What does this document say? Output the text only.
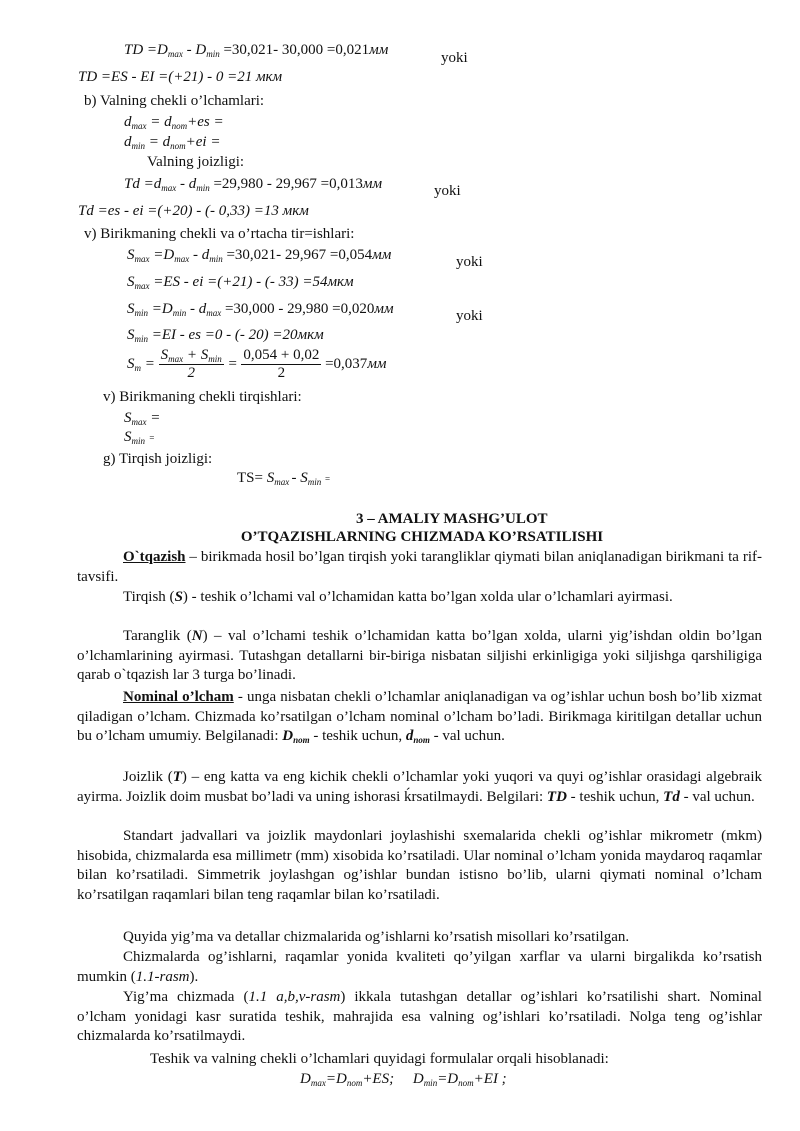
TD $=D_{max} - D_{min} =30,021-$ 30,000 =0,021мм	yoki
TD =ES - EI =(+21) - 0 =21 мкм
b) Valning chekli o’lchamlari:
$d_{max} = d_{nom}+es$ =
$d_{min} = d_{nom}+ei$ =
Valning joizligi:
$Td =d_{max} - d_{min} =29,980 - 29,967 =0,013мм$	yoki
Td =es - ei =(+20) - (- 0,33) =13 мкм
v) Birikmaning chekli va o’rtacha tir=ishlari:
$S_{max} =D_{max} - d_{min} =30,021-$ 29,967 =0,054мм	yoki
$S_{max} =ES$ - ei =(+21) - (- 33) =54мкм
$S_{min} =D_{min} - d_{max} =30,000 - 29,980 =0,020мм$	yoki
$S_{min} =EI$ - es =0 - (- 20) =20мкм
$S_m = \frac{S_{max} + S_{min}}{2} = \frac{0,054 + 0,02}{2} =0,037мм$
v) Birikmaning chekli tirqishlari:
$S_{max}$ =
$S_{min}$ =
g) Tirqish joizligi:
$TS= S_{max} - S_{min}$ =
3 – AMALIY MASHG’ULOT
O’TQAZISHLARNING CHIZMADA KO’RSATILISHI
O`tqazish – birikmada hosil bo’lgan tirqish yoki tarangliklar qiymati bilan aniqlanadigan birikmani ta rif-tavsifi.
Tirqish (S) - teshik o’lchami val o’lchamidan katta bo’lgan xolda ular o’lchamlari ayirmasi.
Taranglik (N) – val o’lchami teshik o’lchamidan katta bo’lgan xolda, ularni yig’ishdan oldin bo’lgan o’lchamlarining ayirmasi. Tutashgan detallarni bir-biriga nisbatan siljishi erkinligiga yoki siljishga qarshiligiga qarab o`tqazish lar 3 turga bo’linadi.
Nominal o’lcham - unga nisbatan chekli o’lchamlar aniqlanadigan va og’ishlar uchun bosh bo’lib xizmat qiladigan o’lcham. Chizmada ko’rsatilgan o’lcham nominal o’lcham bo’ladi. Birikmaga kiritilgan detallar uchun bu o’lcham umumiy. Belgilanadi: $D_{nom}$ - teshik uchun, $d_{nom}$ - val uchun.
Joizlik (T) – eng katta va eng kichik chekli o’lchamlar yoki yuqori va quyi og’ishlar orasidagi algebraik ayirma. Joizlik doim musbat bo’ladi va uning ishorasi ḱrsatilmaydi. Belgilari: TD - teshik uchun, Td - val uchun.
Standart jadvallari va joizlik maydonlari joylashishi sxemalarida chekli og’ishlar mikrometr (mkm) hisobida, chizmalarda esa millimetr (mm) xisobida ko’rsatiladi. Ular nominal o’lcham yonida maydaroq raqamlar bilan ko’rsatiladi. Simmetrik joylashgan og’ishlar bundan istisno bo’lib, ularni qiymati nominal o’lcham ko’rsatilgan raqamlari bilan teng raqamlar bilan ko’rsatiladi.
Quyida yig’ma va detallar chizmalarida og’ishlarni ko’rsatish misollari ko’rsatilgan.
Chizmalarda og’ishlarni, raqamlar yonida kvaliteti qo’yilgan xarflar va ularni birgalikda ko’rsatish mumkin (1.1-rasm).
Yig’ma chizmada (1.1 a,b,v-rasm) ikkala tutashgan detallar og’ishlari ko’rsatilishi shart. Nominal o’lcham yonidagi kasr suratida teshik, mahrajida esa valning og’ishlari ko’rsatiladi. Nolga teng og’ishlar chizmalarda ko’rsatilmaydi.
Teshik va valning chekli o’lchamlari quyidagi formulalar orqali hisoblanadi:
$D_{max}=D_{nom}+ES$;     $D_{min}=D_{nom}+EI$ ;
